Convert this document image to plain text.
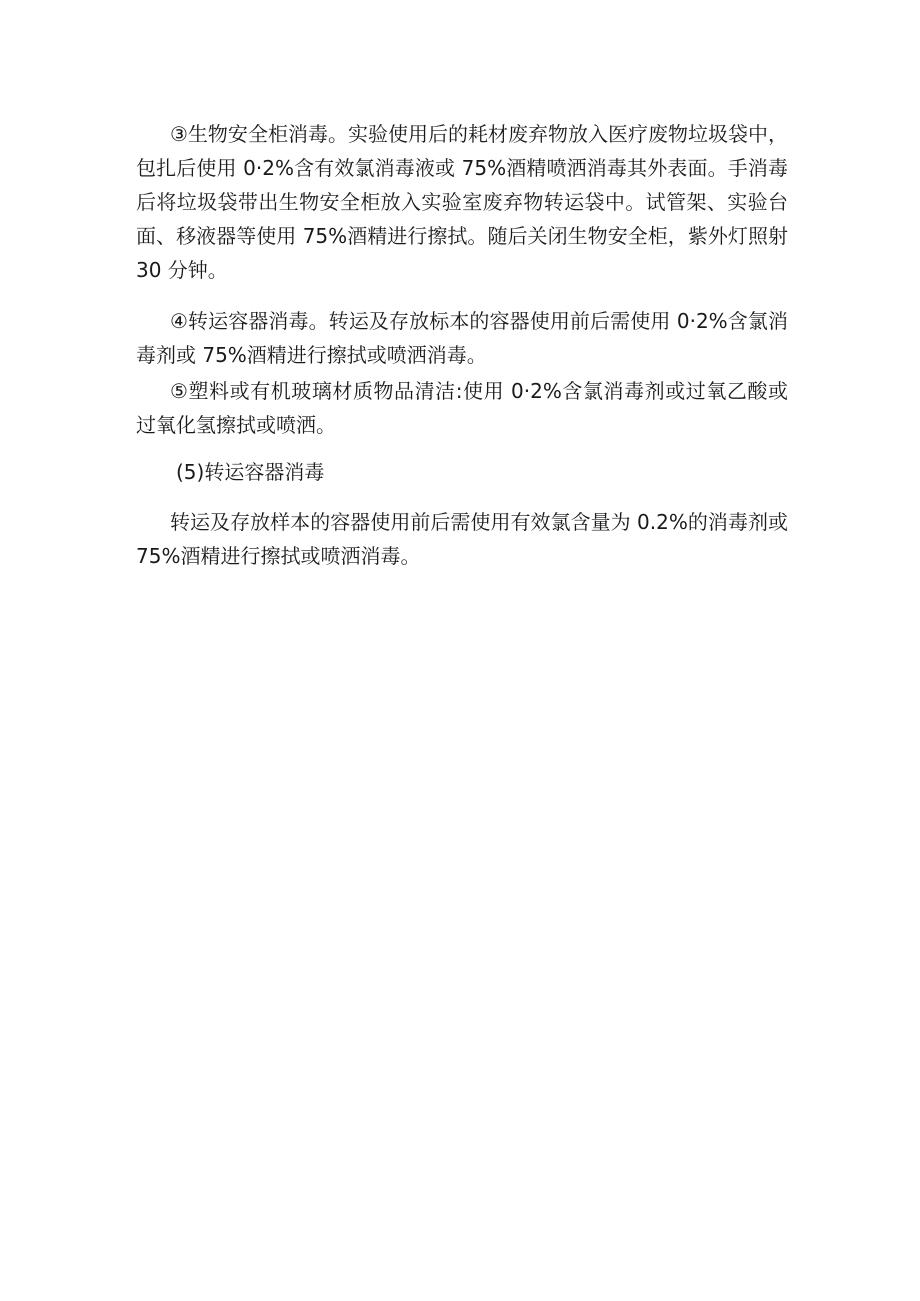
③生物安全柜消毒。实验使用后的耗材废弃物放入医疗废物垃圾袋中，包扎后使用 0·2%含有效氯消毒液或 75%酒精喷洒消毒其外表面。手消毒后将垃圾袋带出生物安全柜放入实验室废弃物转运袋中。试管架、实验台面、移液器等使用 75%酒精进行擦拭。随后关闭生物安全柜，紫外灯照射 30 分钟。

④转运容器消毒。转运及存放标本的容器使用前后需使用 0·2%含氯消毒剂或 75%酒精进行擦拭或喷洒消毒。

⑤塑料或有机玻璃材质物品清洁:使用 0·2%含氯消毒剂或过氧乙酸或过氧化氢擦拭或喷洒。

(5)转运容器消毒

转运及存放样本的容器使用前后需使用有效氯含量为 0.2%的消毒剂或 75%酒精进行擦拭或喷洒消毒。
